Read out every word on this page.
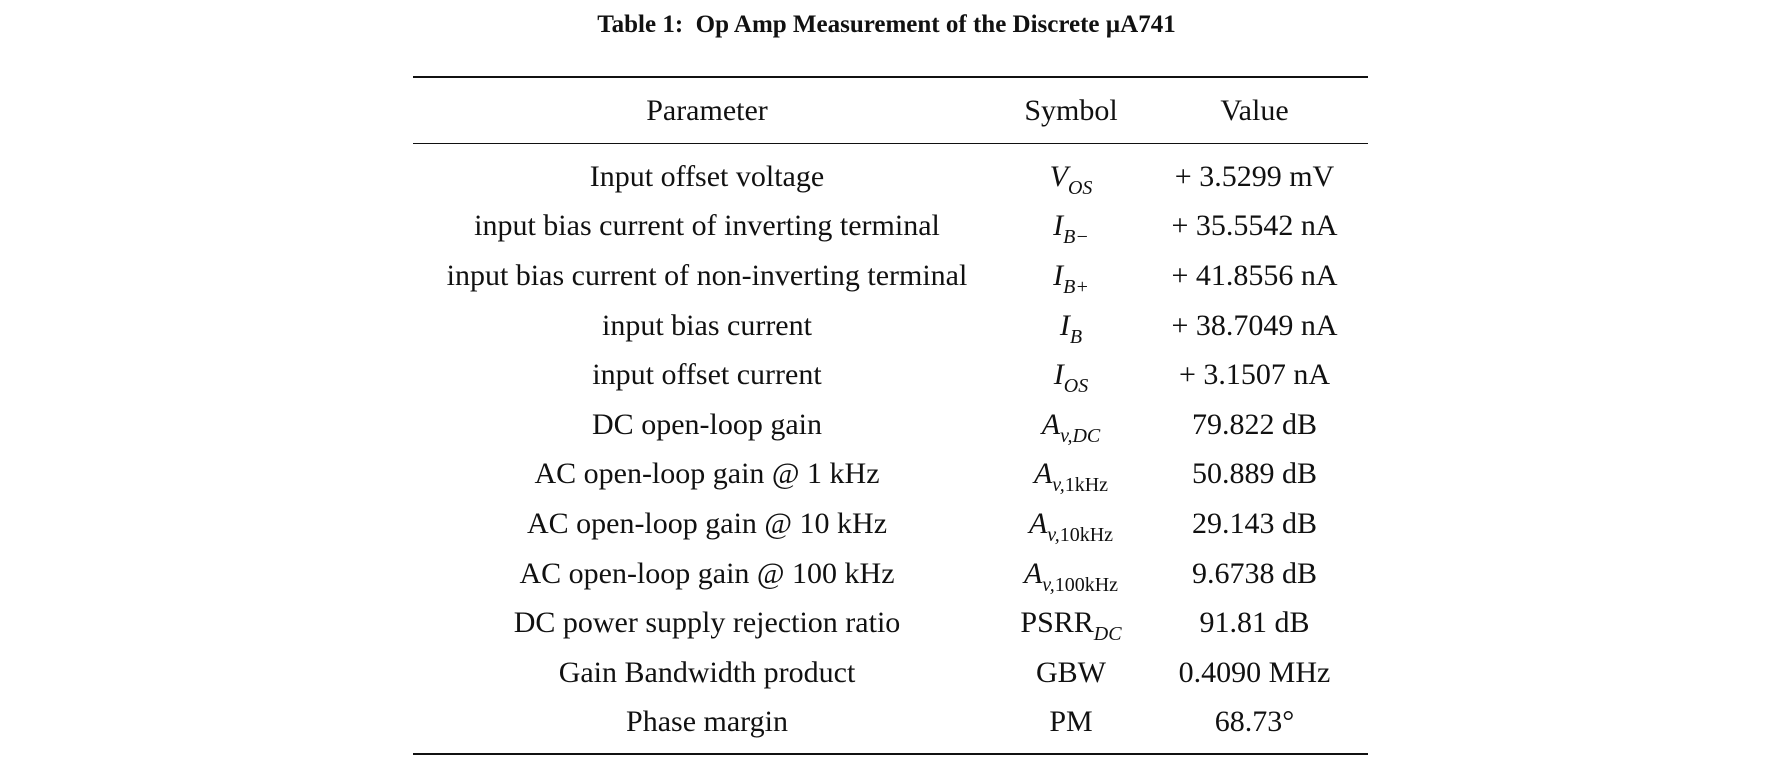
Table 1:  Op Amp Measurement of the Discrete µA741
Parameter	Symbol	Value
Input offset voltage	$V_{OS}$	+ 3.5299 mV
input bias current of inverting terminal	$I_{B-}$	+ 35.5542 nA
input bias current of non-inverting terminal	$I_{B+}$	+ 41.8556 nA
input bias current	$I_B$	+ 38.7049 nA
input offset current	$I_{OS}$	+ 3.1507 nA
DC open-loop gain	$A_{v,DC}$	79.822 dB
AC open-loop gain @ 1 kHz	$A_{v,1kHz}$	50.889 dB
AC open-loop gain @ 10 kHz	$A_{v,10kHz}$	29.143 dB
AC open-loop gain @ 100 kHz	$A_{v,100kHz}$	9.6738 dB
DC power supply rejection ratio	$PSRR_{DC}$	91.81 dB
Gain Bandwidth product	GBW	0.4090 MHz
Phase margin	PM	68.73°
